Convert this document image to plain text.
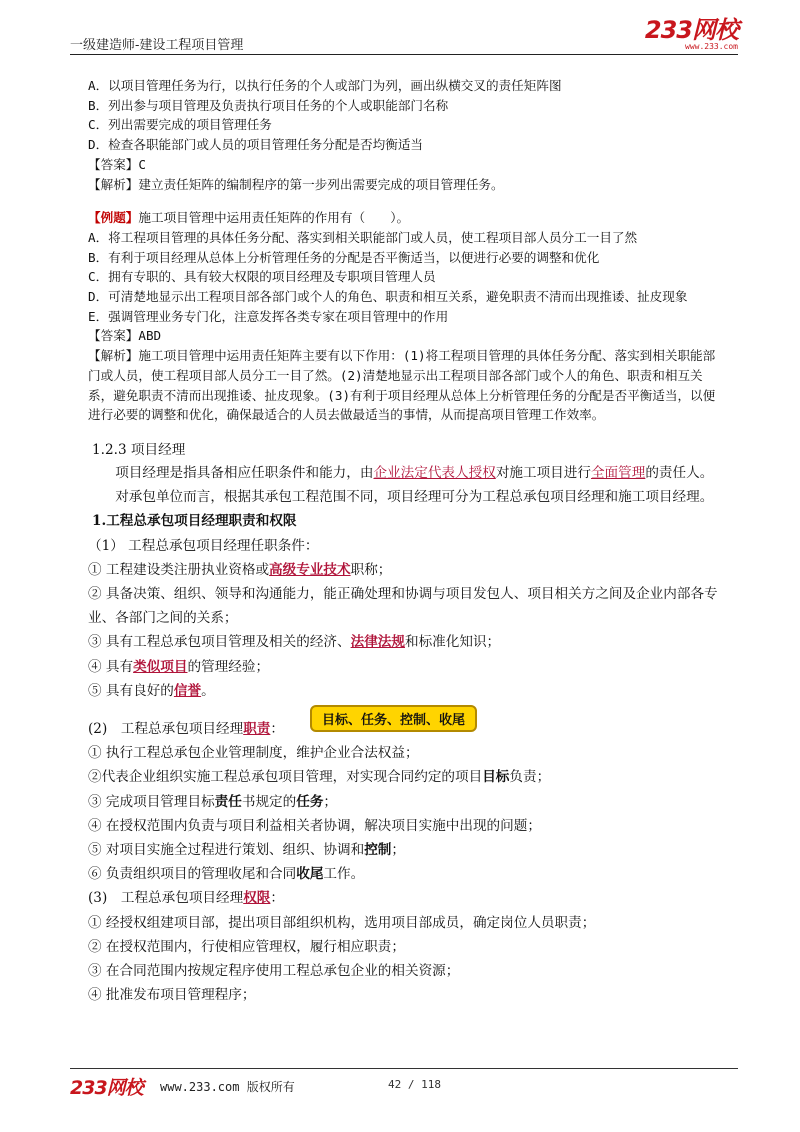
一级建造师-建设工程项目管理
233网校
www.233.com

A．以项目管理任务为行，以执行任务的个人或部门为列，画出纵横交叉的责任矩阵图

B．列出参与项目管理及负责执行项目任务的个人或职能部门名称

C．列出需要完成的项目管理任务

D．检查各职能部门或人员的项目管理任务分配是否均衡适当

【答案】C

【解析】建立责任矩阵的编制程序的第一步列出需要完成的项目管理任务。

【例题】施工项目管理中运用责任矩阵的作用有（　　）。

A．将工程项目管理的具体任务分配、落实到相关职能部门或人员，使工程项目部人员分工一目了然

B．有利于项目经理从总体上分析管理任务的分配是否平衡适当，以便进行必要的调整和优化

C．拥有专职的、具有较大权限的项目经理及专职项目管理人员

D．可清楚地显示出工程项目部各部门或个人的角色、职责和相互关系，避免职责不清而出现推诿、扯皮现象

E．强调管理业务专门化，注意发挥各类专家在项目管理中的作用

【答案】ABD

【解析】施工项目管理中运用责任矩阵主要有以下作用：(1)将工程项目管理的具体任务分配、落实到相关职能部门或人员，使工程项目部人员分工一目了然。(2)清楚地显示出工程项目部各部门或个人的角色、职责和相互关系，避免职责不清而出现推诿、扯皮现象。(3)有利于项目经理从总体上分析管理任务的分配是否平衡适当，以便进行必要的调整和优化，确保最适合的人员去做最适当的事情，从而提高项目管理工作效率。

1.2.3 项目经理

项目经理是指具备相应任职条件和能力，由企业法定代表人授权对施工项目进行全面管理的责任人。

对承包单位而言，根据其承包工程范围不同，项目经理可分为工程总承包项目经理和施工项目经理。

1.工程总承包项目经理职责和权限

（1） 工程总承包项目经理任职条件：

① 工程建设类注册执业资格或高级专业技术职称；

② 具备决策、组织、领导和沟通能力，能正确处理和协调与项目发包人、项目相关方之间及企业内部各专业、各部门之间的关系；

③ 具有工程总承包项目管理及相关的经济、法律法规和标准化知识；

④ 具有类似项目的管理经验；

⑤ 具有良好的信誉。

(2)　工程总承包项目经理职责：

目标、任务、控制、收尾

① 执行工程总承包企业管理制度，维护企业合法权益；

②代表企业组织实施工程总承包项目管理，对实现合同约定的项目目标负责；

③ 完成项目管理目标责任书规定的任务；

④ 在授权范围内负责与项目利益相关者协调，解决项目实施中出现的问题；

⑤ 对项目实施全过程进行策划、组织、协调和控制；

⑥ 负责组织项目的管理收尾和合同收尾工作。

(3)　工程总承包项目经理权限：

① 经授权组建项目部，提出项目部组织机构，选用项目部成员，确定岗位人员职责；

② 在授权范围内，行使相应管理权，履行相应职责；

③ 在合同范围内按规定程序使用工程总承包企业的相关资源；

④ 批准发布项目管理程序；

233网校 www.233.com 版权所有	42 / 118
